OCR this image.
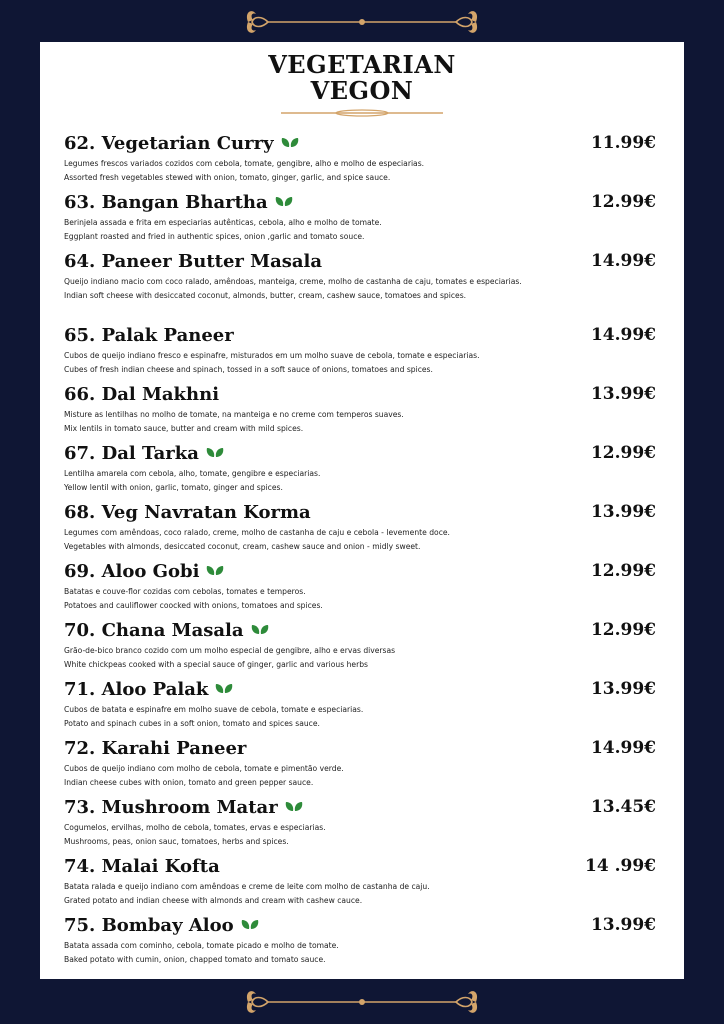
VEGETARIAN
VEGON
62. Vegetarian Curry	11.99€
Legumes frescos variados cozidos com cebola, tomate, gengibre, alho e molho de especiarias.
Assorted fresh vegetables stewed with onion, tomato, ginger, garlic, and spice sauce.
63. Bangan Bhartha	12.99€
Berinjela assada e frita em especiarias autênticas, cebola, alho e molho de tomate.
Eggplant roasted and fried in authentic spices, onion ,garlic and tomato souce.
64. Paneer Butter Masala	14.99€
Queijo indiano macio com coco ralado, amêndoas, manteiga, creme, molho de castanha de caju, tomates e especiarias.
Indian soft cheese with desiccated coconut, almonds, butter, cream, cashew sauce, tomatoes and spices.
65. Palak Paneer	14.99€
Cubos de queijo indiano fresco e espinafre, misturados em um molho suave de cebola, tomate e especiarias.
Cubes of fresh indian cheese and spinach, tossed in a soft sauce of onions, tomatoes and spices.
66. Dal Makhni	13.99€
Misture as lentilhas no molho de tomate, na manteiga e no creme com temperos suaves.
Mix lentils in tomato sauce, butter and cream with mild spices.
67. Dal Tarka	12.99€
Lentilha amarela com cebola, alho, tomate, gengibre e especiarias.
Yellow lentil with onion, garlic, tomato, ginger and spices.
68. Veg Navratan Korma	13.99€
Legumes com amêndoas, coco ralado, creme, molho de castanha de caju e cebola - levemente doce.
Vegetables with almonds, desiccated coconut, cream, cashew sauce and onion - midly sweet.
69. Aloo Gobi	12.99€
Batatas e couve-flor cozidas com cebolas, tomates e temperos.
Potatoes and cauliflower coocked with onions, tomatoes and spices.
70. Chana Masala	12.99€
Grão-de-bico branco cozido com um molho especial de gengibre, alho e ervas diversas
White chickpeas cooked with a special sauce of ginger, garlic and various herbs
71. Aloo Palak	13.99€
Cubos de batata e espinafre em molho suave de cebola, tomate e especiarias.
Potato and spinach cubes in a soft onion, tomato and spices sauce.
72. Karahi Paneer	14.99€
Cubos de queijo indiano com molho de cebola, tomate e pimentão verde.
Indian cheese cubes with onion, tomato and green pepper sauce.
73. Mushroom Matar	13.45€
Cogumelos, ervilhas, molho de cebola, tomates, ervas e especiarias.
Mushrooms, peas, onion sauc, tomatoes, herbs and spices.
74. Malai Kofta	14 .99€
Batata ralada e queijo indiano com amêndoas e creme de leite com molho de castanha de caju.
Grated potato and indian cheese with almonds and cream with cashew cauce.
75. Bombay Aloo	13.99€
Batata assada com cominho, cebola, tomate picado e molho de tomate.
Baked potato with cumin, onion, chapped tomato and tomato sauce.
